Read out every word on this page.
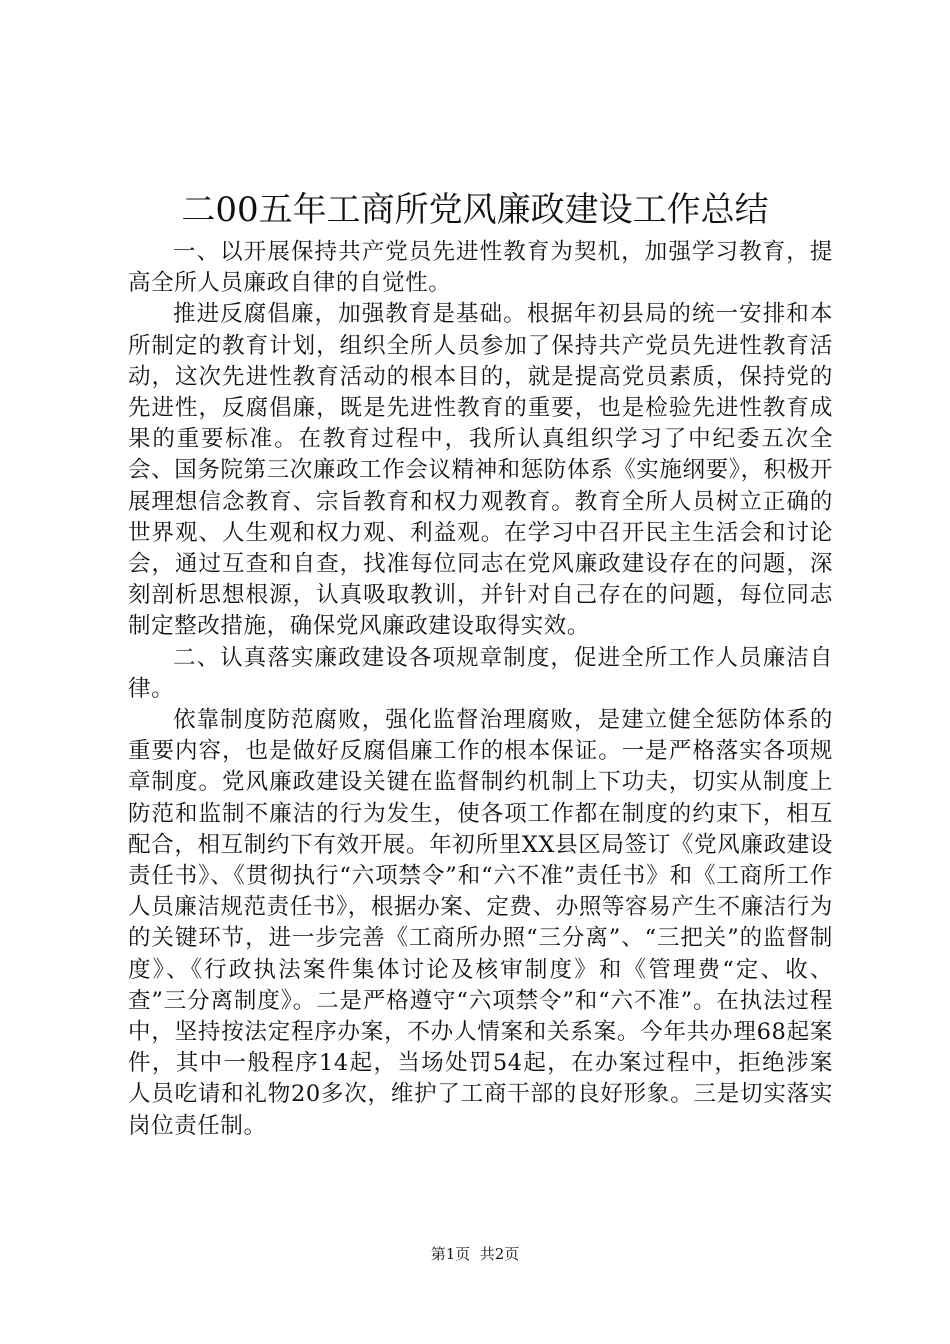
二00五年工商所党风廉政建设工作总结

一、以开展保持共产党员先进性教育为契机，加强学习教育，提高全所人员廉政自律的自觉性。

推进反腐倡廉，加强教育是基础。根据年初县局的统一安排和本所制定的教育计划，组织全所人员参加了保持共产党员先进性教育活动，这次先进性教育活动的根本目的，就是提高党员素质，保持党的先进性，反腐倡廉，既是先进性教育的重要，也是检验先进性教育成果的重要标准。在教育过程中，我所认真组织学习了中纪委五次全会、国务院第三次廉政工作会议精神和惩防体系《实施纲要》，积极开展理想信念教育、宗旨教育和权力观教育。教育全所人员树立正确的世界观、人生观和权力观、利益观。在学习中召开民主生活会和讨论会，通过互查和自查，找准每位同志在党风廉政建设存在的问题，深刻剖析思想根源，认真吸取教训，并针对自己存在的问题，每位同志制定整改措施，确保党风廉政建设取得实效。

二、认真落实廉政建设各项规章制度，促进全所工作人员廉洁自律。

依靠制度防范腐败，强化监督治理腐败，是建立健全惩防体系的重要内容，也是做好反腐倡廉工作的根本保证。一是严格落实各项规章制度。党风廉政建设关键在监督制约机制上下功夫，切实从制度上防范和监制不廉洁的行为发生，使各项工作都在制度的约束下，相互配合，相互制约下有效开展。年初所里XX县区局签订《党风廉政建设责任书》、《贯彻执行“六项禁令”和“六不准”责任书》和《工商所工作人员廉洁规范责任书》，根据办案、定费、办照等容易产生不廉洁行为的关键环节，进一步完善《工商所办照“三分离”、“三把关”的监督制度》、《行政执法案件集体讨论及核审制度》和《管理费“定、收、查”三分离制度》。二是严格遵守“六项禁令”和“六不准”。在执法过程中，坚持按法定程序办案，不办人情案和关系案。今年共办理68起案件，其中一般程序14起，当场处罚54起，在办案过程中，拒绝涉案人员吃请和礼物20多次，维护了工商干部的良好形象。三是切实落实岗位责任制。

第1页  共2页
